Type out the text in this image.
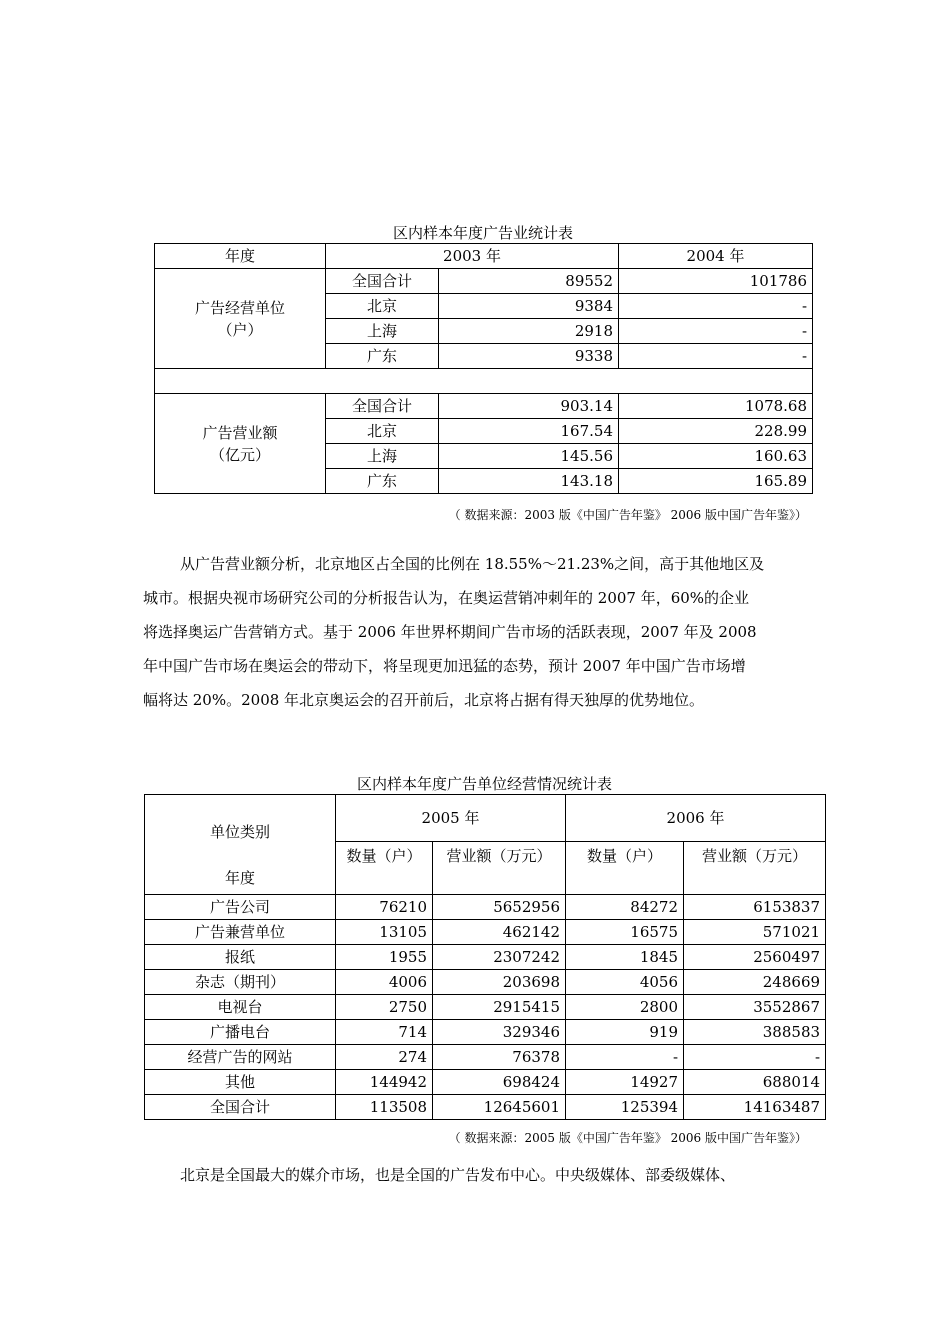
区内样本年度广告业统计表
年度	2003 年		2004 年

广告经营单位
（户）	全国合计	89552	101786
	北京	9384	-
	上海	2918	-
	广东	9338	-

广告营业额
（亿元）	全国合计	903.14	1078.68
	北京	167.54	228.99
	上海	145.56	160.63
	广东	143.18	165.89
（ 数据来源：2003 版《中国广告年鉴》 2006 版中国广告年鉴》）
从广告营业额分析，北京地区占全国的比例在 18.55%～21.23%之间，高于其他地区及
城市。根据央视市场研究公司的分析报告认为，在奥运营销冲刺年的 2007 年，60%的企业
将选择奥运广告营销方式。基于 2006 年世界杯期间广告市场的活跃表现，2007 年及 2008
年中国广告市场在奥运会的带动下，将呈现更加迅猛的态势，预计 2007 年中国广告市场增
幅将达 20%。2008 年北京奥运会的召开前后，北京将占据有得天独厚的优势地位。
区内样本年度广告单位经营情况统计表
单位类别
年度	2005 年		2006 年	
	数量（户）	营业额（万元）	数量（户）	营业额（万元）
广告公司	76210	5652956	84272	6153837
广告兼营单位	13105	462142	16575	571021
报纸	1955	2307242	1845	2560497
杂志（期刊）	4006	203698	4056	248669
电视台	2750	2915415	2800	3552867
广播电台	714	329346	919	388583
经营广告的网站	274	76378	-	-
其他	144942	698424	14927	688014
全国合计	113508	12645601	125394	14163487
（ 数据来源：2005 版《中国广告年鉴》 2006 版中国广告年鉴》）
北京是全国最大的媒介市场，也是全国的广告发布中心。中央级媒体、部委级媒体、
